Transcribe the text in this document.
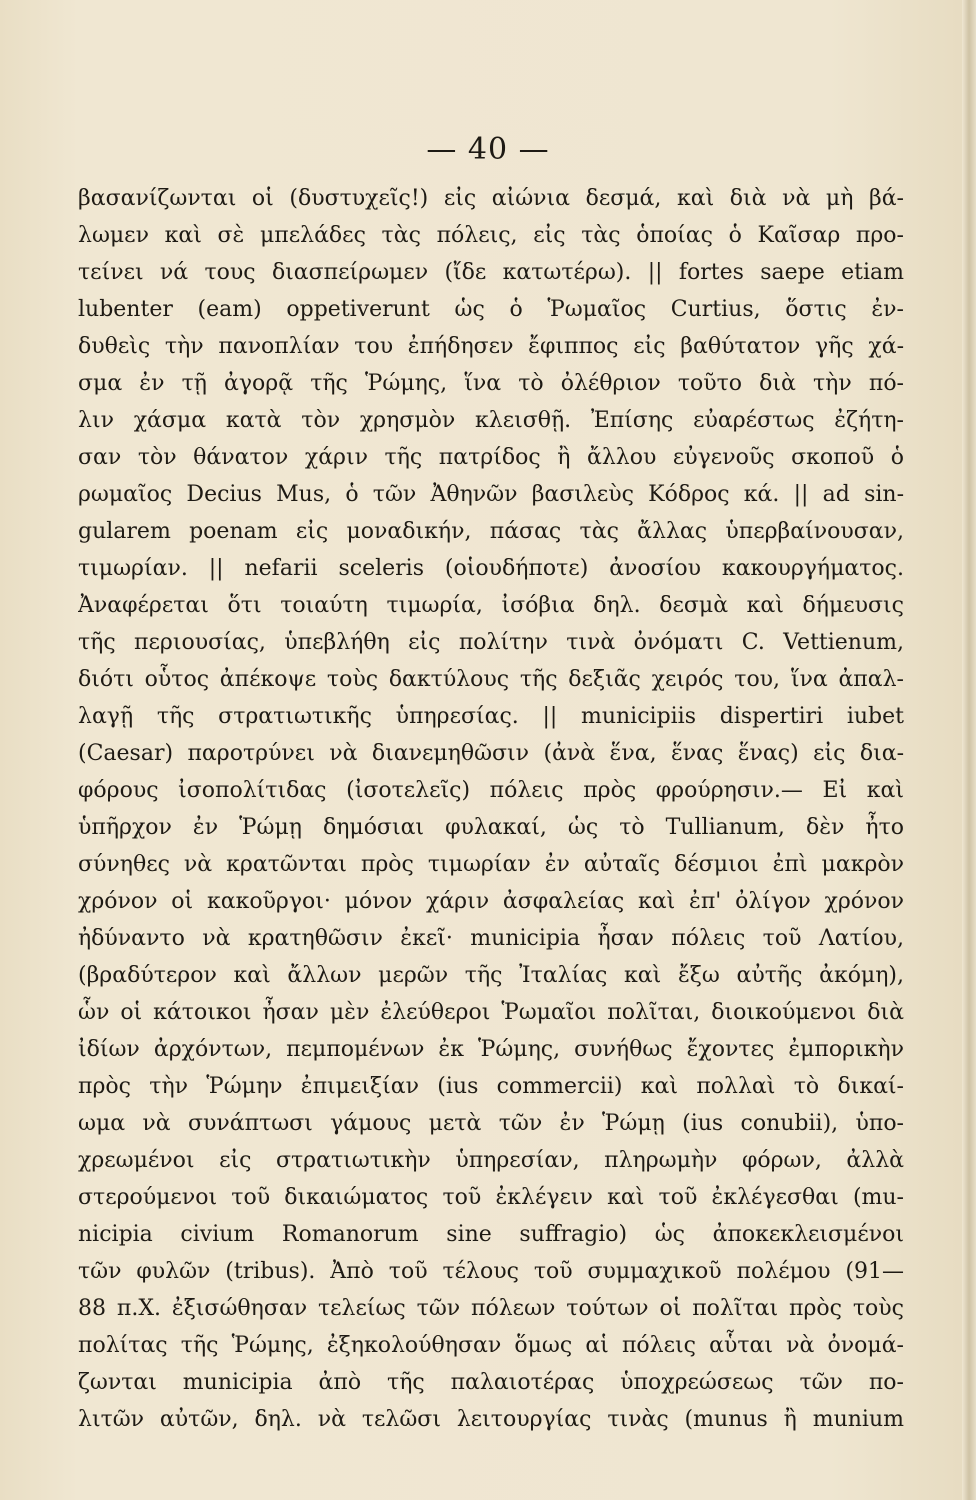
— 40 —
βασανίζωνται οἱ (δυστυχεῖς!) εἰς αἰώνια δεσμά, καὶ διὰ νὰ μὴ βά-
λωμεν καὶ σὲ μπελάδες τὰς πόλεις, εἰς τὰς ὁποίας ὁ Καῖσαρ προ-
τείνει νά τους διασπείρωμεν (ἴδε κατωτέρω). || fortes saepe etiam
lubenter (eam) oppetiverunt ὡς ὁ Ῥωμαῖος Curtius, ὅστις ἐν-
δυθεὶς τὴν πανοπλίαν του ἐπήδησεν ἔφιππος εἰς βαθύτατον γῆς χά-
σμα ἐν τῇ ἀγορᾷ τῆς Ῥώμης, ἵνα τὸ ὀλέθριον τοῦτο διὰ τὴν πό-
λιν χάσμα κατὰ τὸν χρησμὸν κλεισθῇ. Ἐπίσης εὐαρέστως ἐζήτη-
σαν τὸν θάνατον χάριν τῆς πατρίδος ἢ ἄλλου εὐγενοῦς σκοποῦ ὁ
ρωμαῖος Decius Mus, ὁ τῶν Ἀθηνῶν βασιλεὺς Κόδρος κά. || ad sin-
gularem poenam εἰς μοναδικήν, πάσας τὰς ἄλλας ὑπερβαίνουσαν,
τιμωρίαν. || nefarii sceleris (οἱουδήποτε) ἀνοσίου κακουργήματος.
Ἀναφέρεται ὅτι τοιαύτη τιμωρία, ἰσόβια δηλ. δεσμὰ καὶ δήμευσις
τῆς περιουσίας, ὑπεβλήθη εἰς πολίτην τινὰ ὀνόματι C. Vettienum,
διότι οὗτος ἀπέκοψε τοὺς δακτύλους τῆς δεξιᾶς χειρός του, ἵνα ἀπαλ-
λαγῇ τῆς στρατιωτικῆς ὑπηρεσίας. || municipiis dispertiri iubet
(Caesar) παροτρύνει νὰ διανεμηθῶσιν (ἀνὰ ἕνα, ἕνας ἕνας) εἰς δια-
φόρους ἰσοπολίτιδας (ἰσοτελεῖς) πόλεις πρὸς φρούρησιν.— Εἰ καὶ
ὑπῆρχον ἐν Ῥώμῃ δημόσιαι φυλακαί, ὡς τὸ Tullianum, δὲν ἦτο
σύνηθες νὰ κρατῶνται πρὸς τιμωρίαν ἐν αὐταῖς δέσμιοι ἐπὶ μακρὸν
χρόνον οἱ κακοῦργοι· μόνον χάριν ἀσφαλείας καὶ ἐπ' ὀλίγον χρόνον
ἠδύναντο νὰ κρατηθῶσιν ἐκεῖ· municipia ἦσαν πόλεις τοῦ Λατίου,
(βραδύτερον καὶ ἄλλων μερῶν τῆς Ἰταλίας καὶ ἔξω αὐτῆς ἀκόμη),
ὧν οἱ κάτοικοι ἦσαν μὲν ἐλεύθεροι Ῥωμαῖοι πολῖται, διοικούμενοι διὰ
ἰδίων ἀρχόντων, πεμπομένων ἐκ Ῥώμης, συνήθως ἔχοντες ἐμπορικὴν
πρὸς τὴν Ῥώμην ἐπιμειξίαν (ius commercii) καὶ πολλαὶ τὸ δικαί-
ωμα νὰ συνάπτωσι γάμους μετὰ τῶν ἐν Ῥώμῃ (ius conubii), ὑπο-
χρεωμένοι εἰς στρατιωτικὴν ὑπηρεσίαν, πληρωμὴν φόρων, ἀλλὰ
στερούμενοι τοῦ δικαιώματος τοῦ ἐκλέγειν καὶ τοῦ ἐκλέγεσθαι (mu-
nicipia civium Romanorum sine suffragio) ὡς ἀποκεκλεισμένοι
τῶν φυλῶν (tribus). Ἀπὸ τοῦ τέλους τοῦ συμμαχικοῦ πολέμου (91—
88 π.Χ. ἐξισώθησαν τελείως τῶν πόλεων τούτων οἱ πολῖται πρὸς τοὺς
πολίτας τῆς Ῥώμης, ἐξηκολούθησαν ὅμως αἱ πόλεις αὗται νὰ ὀνομά-
ζωνται municipia ἀπὸ τῆς παλαιοτέρας ὑποχρεώσεως τῶν πο-
λιτῶν αὐτῶν, δηλ. νὰ τελῶσι λειτουργίας τινὰς (munus ἢ munium
